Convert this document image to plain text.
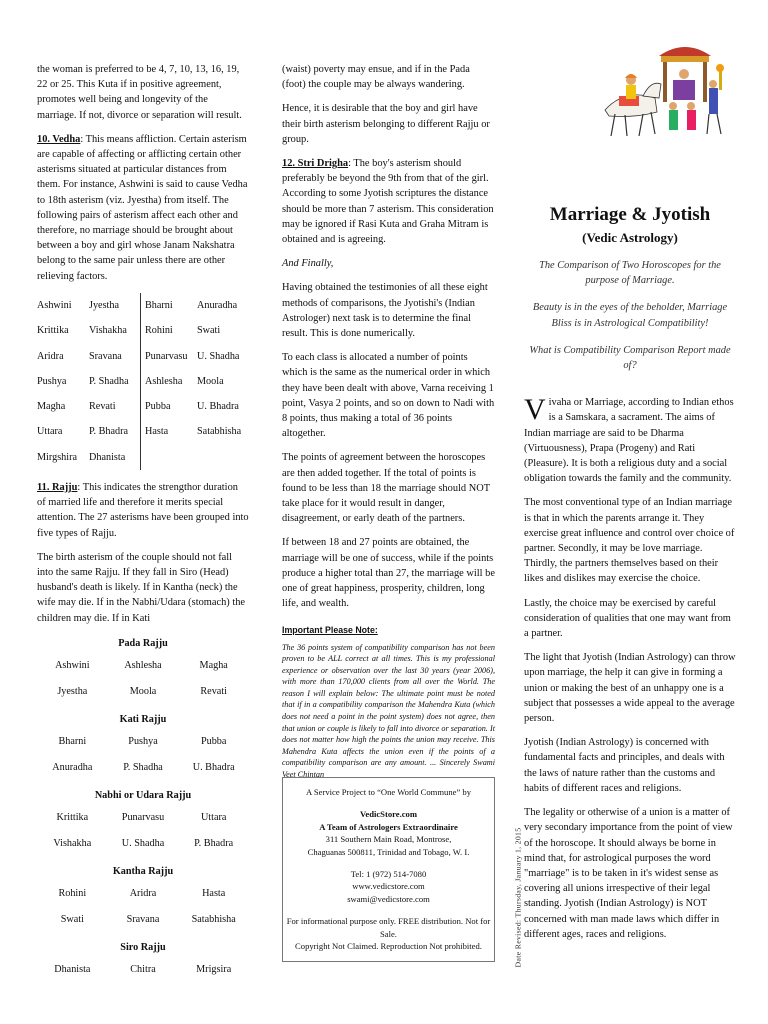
the woman is preferred to be 4, 7, 10, 13, 16, 19, 22 or 25. This Kuta if in positive agreement, promotes well being and longevity of the marriage. If not, divorce or separation will result.

10. Vedha: This means affliction. Certain asterism are capable of affecting or afflicting certain other asterisms situated at particular distances from them. For instance, Ashwini is said to cause Vedha to 18th asterism (viz. Jyestha) from itself. The following pairs of asterism affect each other and therefore, no marriage should be brought about between a boy and girl whose Janam Nakshatra belong to the same pair unless there are other relieving factors.

Ashwini	Jyestha	Bharni	Anuradha
Krittika	Vishakha	Rohini	Swati
Aridra	Sravana	Punarvasu	U. Shadha
Pushya	P. Shadha	Ashlesha	Moola
Magha	Revati	Pubba	U. Bhadra
Uttara	P. Bhadra	Hasta	Satabhisha
Mirgshira	Dhanista		

11. Rajju: This indicates the strengthor duration of married life and therefore it merits special attention. The 27 asterisms have been grouped into five types of Rajju.

The birth asterism of the couple should not fall into the same Rajju. If they fall in Siro (Head) husband's death is likely. If in Kantha (neck) the wife may die. If in the Nabhi/Udara (stomach) the children may die. If in Kati

Pada Rajju
Ashwini	Ashlesha	Magha
Jyestha	Moola	Revati
Kati Rajju
Bharni	Pushya	Pubba
Anuradha	P. Shadha	U. Bhadra
Nabhi or Udara Rajju
Krittika	Punarvasu	Uttara
Vishakha	U. Shadha	P. Bhadra
Kantha Rajju
Rohini	Aridra	Hasta
Swati	Sravana	Satabhisha
Siro Rajju
Dhanista	Chitra	Mrigsira

(waist) poverty may ensue, and if in the Pada (foot) the couple may be always wandering.

Hence, it is desirable that the boy and girl have their birth asterism belonging to different Rajju or group.

12. Stri Drigha: The boy's asterism should preferably be beyond the 9th from that of the girl. According to some Jyotish scriptures the distance should be more than 7 asterism. This consideration may be ignored if Rasi Kuta and Graha Mitram is obtained and is agreeing.

And Finally,

Having obtained the testimonies of all these eight methods of comparisons, the Jyotishi's (Indian Astrologer) next task is to determine the final result. This is done numerically.

To each class is allocated a number of points which is the same as the numerical order in which they have been dealt with above, Varna receiving 1 point, Vasya 2 points, and so on down to Nadi with 8 points, thus making a total of 36 points altogether.

The points of agreement between the horoscopes are then added together. If the total of points is found to be less than 18 the marriage should NOT take place for it would result in danger, disagreement, or early death of the partners.

If between 18 and 27 points are obtained, the marriage will be one of success, while if the points produce a higher total than 27, the marriage will be one of great happiness, prosperity, children, long life, and wealth.

Important Please Note:

The 36 points system of compatibility comparison has not been proven to be ALL correct at all times. This is my professional experience or observation over the last 30 years (year 2006), with more than 170,000 clients from all over the World. The reason I will explain below: The ultimate point must be noted that if in a compatibility comparison the Mahendra Kuta (which does not need a point in the point system) does not agree, then that union or couple is likely to fall into divorce or separation. It does not matter how high the points the union may receive. This Mahendra Kuta affects the union even if the points of a compatibility comparison are any amount. ... Sincerely Swami Veet Chintan

A Service Project to “One World Commune” by
VedicStore.com
A Team of Astrologers Extraordinaire
311 Southern Main Road, Montrose,
Chaguanas 500811, Trinidad and Tobago, W. I.
Tel: 1 (972) 514-7080
www.vedicstore.com
swami@vedicstore.com
For informational purpose only. FREE distribution. Not for Sale.
Copyright Not Claimed. Reproduction Not prohibited.	Date Revised: Thursday, January 1, 2015
Marriage & Jyotish
(Vedic Astrology)

The Comparison of Two Horoscopes for the purpose of Marriage.

Beauty is in the eyes of the beholder, Marriage Bliss is in Astrological Compatibility!

What is Compatibility Comparison Report made of?

Vivaha or Marriage, according to Indian ethos is a Samskara, a sacrament. The aims of Indian marriage are said to be Dharma (Virtuousness), Prapa (Progeny) and Rati (Pleasure). It is both a religious duty and a social obligation towards the family and the community.

The most conventional type of an Indian marriage is that in which the parents arrange it. They exercise great influence and control over choice of partner. Secondly, it may be love marriage. Thirdly, the partners themselves based on their likes and dislikes may exercise the choice.

Lastly, the choice may be exercised by careful consideration of qualities that one may want from a partner.

The light that Jyotish (Indian Astrology) can throw upon marriage, the help it can give in forming a union or making the best of an unhappy one is a subject that possesses a wide appeal to the average person.

Jyotish (Indian Astrology) is concerned with fundamental facts and principles, and deals with the laws of nature rather than the customs and habits of different races and religions.

The legality or otherwise of a union is a matter of very secondary importance from the point of view of the horoscope. It should always be borne in mind that, for astrological purposes the word "marriage" is to be taken in it's widest sense as covering all unions irrespective of their legal standing. Jyotish (Indian Astrology) is NOT concerned with man made laws which differ in different ages, races and religions.
